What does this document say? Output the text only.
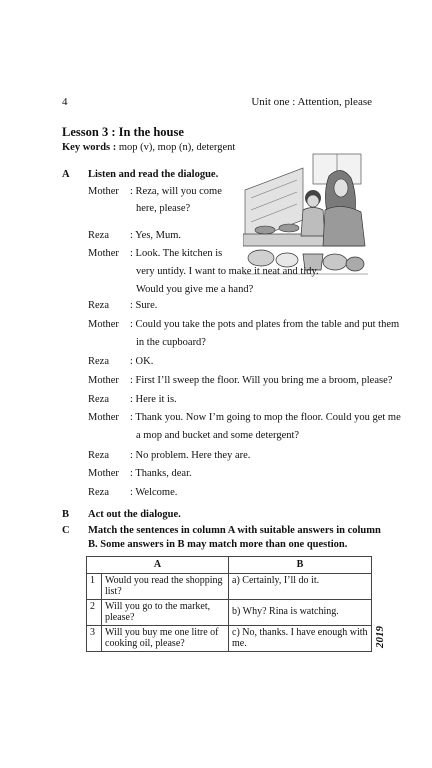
4	Unit one : Attention, please
Lesson 3 : In the house
Key words : mop (v), mop (n), detergent
A Listen and read the dialogue.
Mother : Reza, will you come
here, please?
Reza : Yes, Mum.
Mother : Look. The kitchen is
very untidy. I want to make it neat and tidy.
Would you give me a hand?
Reza : Sure.
Mother : Could you take the pots and plates from the table and put them
in the cupboard?
Reza : OK.
Mother : First I’ll sweep the floor. Will you bring me a broom, please?
Reza : Here it is.
Mother : Thank you. Now I’m going to mop the floor. Could you get me
a mop and bucket and some detergent?
Reza : No problem. Here they are.
Mother : Thanks, dear.
Reza : Welcome.
B Act out the dialogue.
C Match the sentences in column A with suitable answers in column
B. Some answers in B may match more than one question.
A		B
1	Would you read the shopping list?	a) Certainly, I’ll do it.
2	Will you go to the market, please?	b) Why? Rina is watching.
3	Will you buy me one litre of cooking oil, please?	c) No, thanks. I have enough with me.	2019
